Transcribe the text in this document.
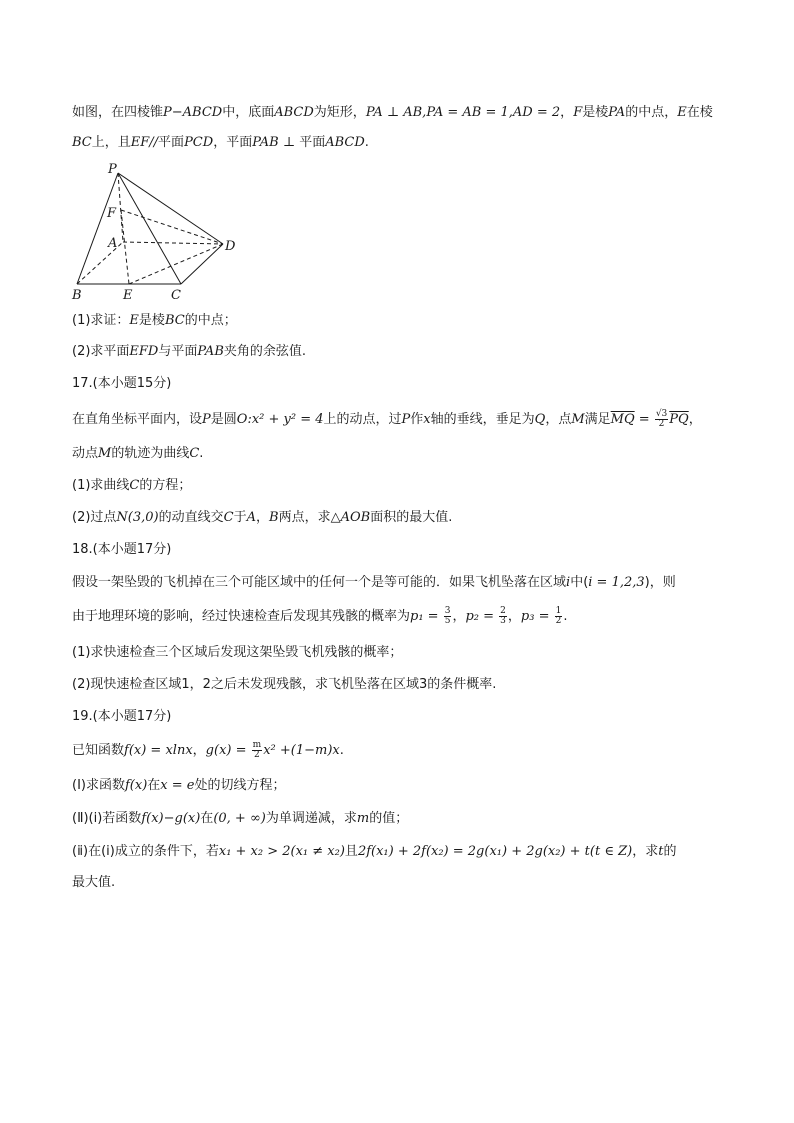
如图，在四棱锥P−ABCD中，底面ABCD为矩形，PA ⊥ AB,PA = AB = 1,AD = 2，F是棱PA的中点，E在棱
BC上，且EF//平面PCD，平面PAB ⊥ 平面ABCD.
P
F
A	D
B	E	C
(1)求证：E是棱BC的中点；
(2)求平面EFD与平面PAB夹角的余弦值.
17.(本小题15分)
在直角坐标平面内，设P是圆O:x² + y² = 4上的动点，过P作x轴的垂线，垂足为Q，点M满足$\overline{MQ} = \frac{√3}{2} \overline{PQ}$，
动点M的轨迹为曲线C.
(1)求曲线C的方程；
(2)过点N(3,0)的动直线交C于A，B两点，求△AOB面积的最大值.
18.(本小题17分)
假设一架坠毁的飞机掉在三个可能区域中的任何一个是等可能的．如果飞机坠落在区域i中(i = 1,2,3)，则
由于地理环境的影响，经过快速检查后发现其残骸的概率为$p_1 = \frac{3}{5}$ ，$p_2 = \frac{2}{3}$ ，$p_3 = \frac{1}{2}$ .
(1)求快速检查三个区域后发现这架坠毁飞机残骸的概率；
(2)现快速检查区域1，2之后未发现残骸，求飞机坠落在区域3的条件概率.
19.(本小题17分)
已知函数f(x) = xlnx，$g(x) = \frac{m}{2} x^2 +(1-m)x$.
(Ⅰ)求函数f(x)在x = e处的切线方程；
(Ⅱ)(ⅰ)若函数f(x)−g(x)在(0, + ∞)为单调递减，求m的值；
(ⅱ)在(ⅰ)成立的条件下，若x₁ + x₂ > 2(x₁ ≠ x₂)且2f(x₁) + 2f(x₂) = 2g(x₁) + 2g(x₂) + t(t ∈ Z)，求t的
最大值.
